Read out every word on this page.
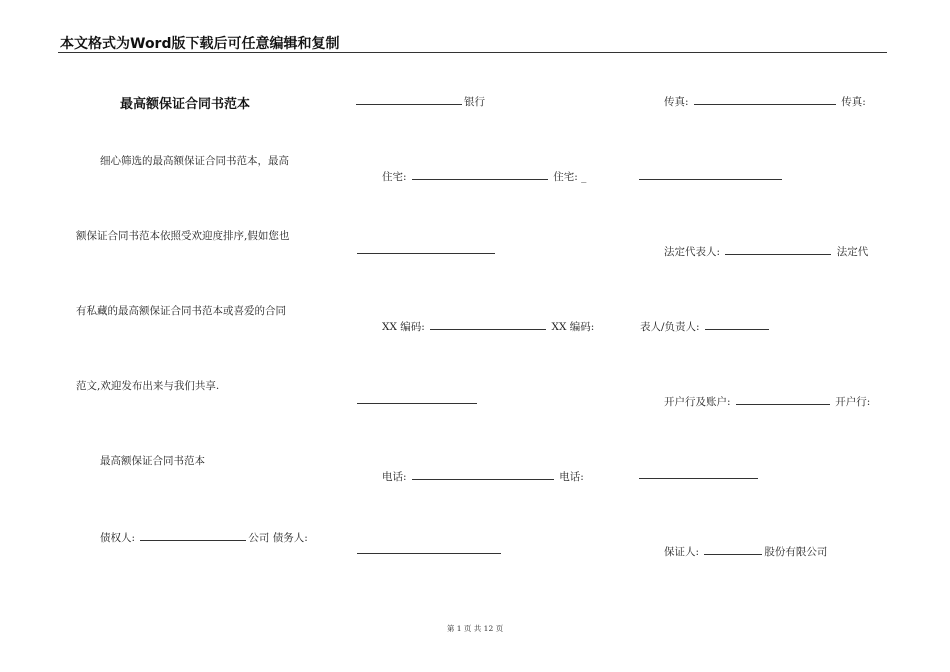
本文格式为Word版下载后可任意编辑和复制
最高额保证合同书范本
细心筛选的最高额保证合同书范本，最高
额保证合同书范本依照受欢迎度排序,假如您也
有私藏的最高额保证合同书范本或喜爱的合同
范文,欢迎发布出来与我们共享.
最高额保证合同书范本
债权人:	公司 债务人:
银行
住宅:	住宅: _
XX 编码:	XX 编码:
电话:	电话:
传真:	传真:
法定代表人:	法定代
表人/负责人:
开户行及账户:	开户行:
保证人:	股份有限公司
第 1 页 共 12 页
